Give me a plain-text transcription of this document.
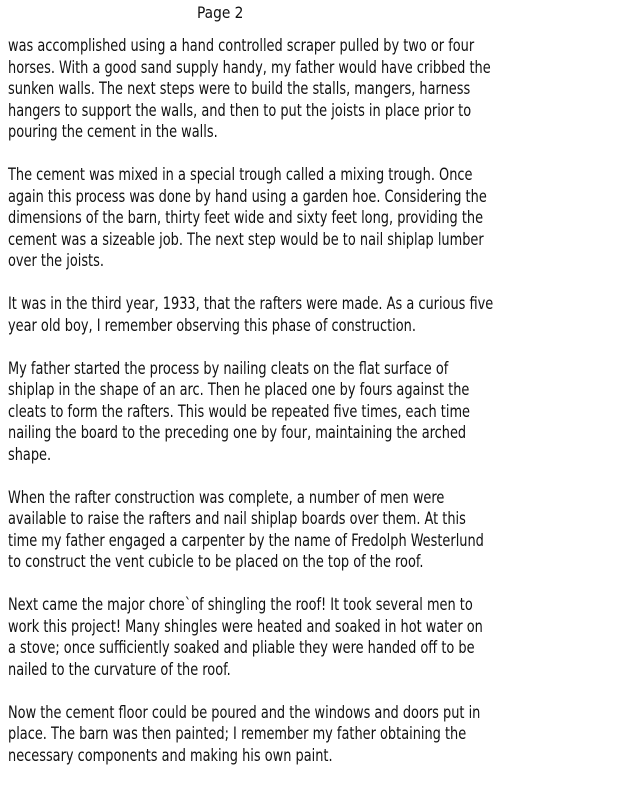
Page 2

was accomplished using a hand controlled scraper pulled by two or four
horses. With a good sand supply handy, my father would have cribbed the
sunken walls. The next steps were to build the stalls, mangers, harness
hangers to support the walls, and then to put the joists in place prior to
pouring the cement in the walls.

The cement was mixed in a special trough called a mixing trough. Once
again this process was done by hand using a garden hoe. Considering the
dimensions of the barn, thirty feet wide and sixty feet long, providing the
cement was a sizeable job. The next step would be to nail shiplap lumber
over the joists.

It was in the third year, 1933, that the rafters were made. As a curious five
year old boy, I remember observing this phase of construction.

My father started the process by nailing cleats on the flat surface of
shiplap in the shape of an arc. Then he placed one by fours against the
cleats to form the rafters. This would be repeated five times, each time
nailing the board to the preceding one by four, maintaining the arched
shape.

When the rafter construction was complete, a number of men were
available to raise the rafters and nail shiplap boards over them. At this
time my father engaged a carpenter by the name of Fredolph Westerlund
to construct the vent cubicle to be placed on the top of the roof.

Next came the major chore`of shingling the roof! It took several men to
work this project! Many shingles were heated and soaked in hot water on
a stove; once sufficiently soaked and pliable they were handed off to be
nailed to the curvature of the roof.

Now the cement floor could be poured and the windows and doors put in
place. The barn was then painted; I remember my father obtaining the
necessary components and making his own paint.
